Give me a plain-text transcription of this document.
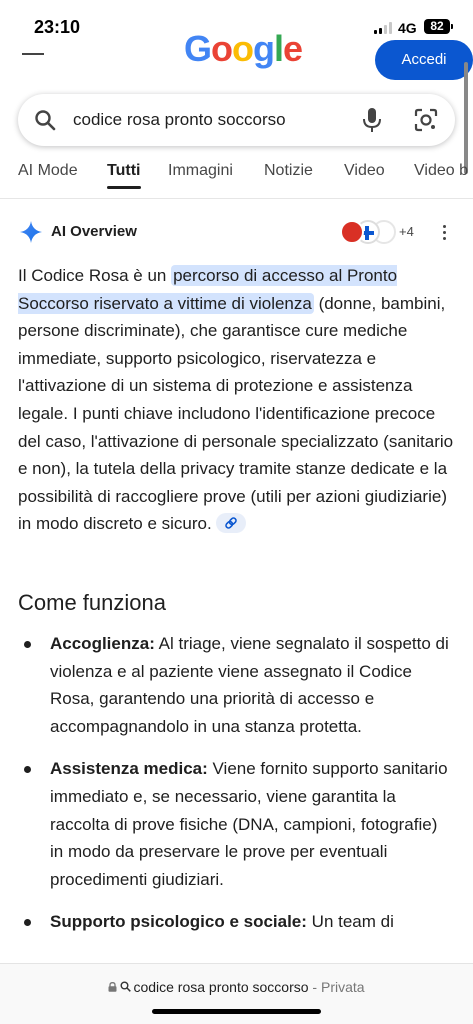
23:10	4G	82
Google	Accedi
codice rosa pronto soccorso
AI Mode Tutti Immagini Notizie Video Video b
AI Overview	+4

Il Codice Rosa è un percorso di accesso al Pronto Soccorso riservato a vittime di violenza (donne, bambini, persone discriminate), che garantisce cure mediche immediate, supporto psicologico, riservatezza e l'attivazione di un sistema di protezione e assistenza legale. I punti chiave includono l'identificazione precoce del caso, l'attivazione di personale specializzato (sanitario e non), la tutela della privacy tramite stanze dedicate e la possibilità di raccogliere prove (utili per azioni giudiziarie) in modo discreto e sicuro.

Come funziona
Accoglienza: Al triage, viene segnalato il sospetto di violenza e al paziente viene assegnato il Codice Rosa, garantendo una priorità di accesso e accompagnandolo in una stanza protetta.
Assistenza medica: Viene fornito supporto sanitario immediato e, se necessario, viene garantita la raccolta di prove fisiche (DNA, campioni, fotografie) in modo da preservare le prove per eventuali procedimenti giudiziari.
Supporto psicologico e sociale: Un team di
codice rosa pronto soccorso - Privata
